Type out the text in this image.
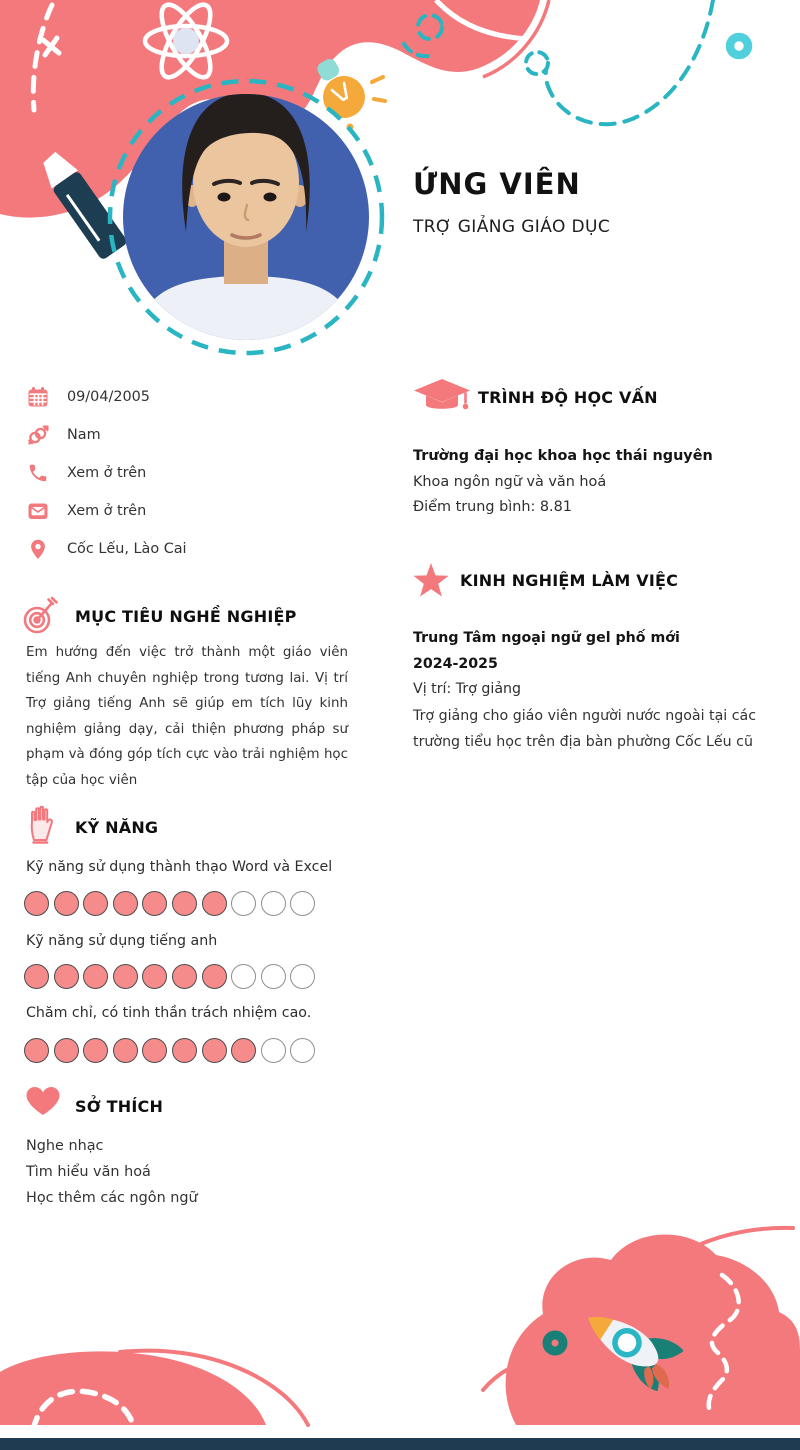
ỨNG VIÊN
TRỢ GIẢNG GIÁO DỤC
09/04/2005
Nam
Xem ở trên
Xem ở trên
Cốc Lếu, Lào Cai
MỤC TIÊU NGHỀ NGHIỆP

Em hướng đến việc trở thành một giáo viên tiếng Anh chuyên nghiệp trong tương lai. Vị trí Trợ giảng tiếng Anh sẽ giúp em tích lũy kinh nghiệm giảng dạy, cải thiện phương pháp sư phạm và đóng góp tích cực vào trải nghiệm học tập của học viên

KỸ NĂNG
Kỹ năng sử dụng thành thạo Word và Excel
Kỹ năng sử dụng tiếng anh
Chăm chỉ, có tinh thần trách nhiệm cao.
SỞ THÍCH
Nghe nhạc
Tìm hiểu văn hoá
Học thêm các ngôn ngữ
TRÌNH ĐỘ HỌC VẤN
Trường đại học khoa học thái nguyên
Khoa ngôn ngữ và văn hoá
Điểm trung bình: 8.81
KINH NGHIỆM LÀM VIỆC
Trung Tâm ngoại ngữ gel phố mới
2024-2025
Vị trí: Trợ giảng

Trợ giảng cho giáo viên người nước ngoài tại các trường tiểu học trên địa bàn phường Cốc Lếu cũ
